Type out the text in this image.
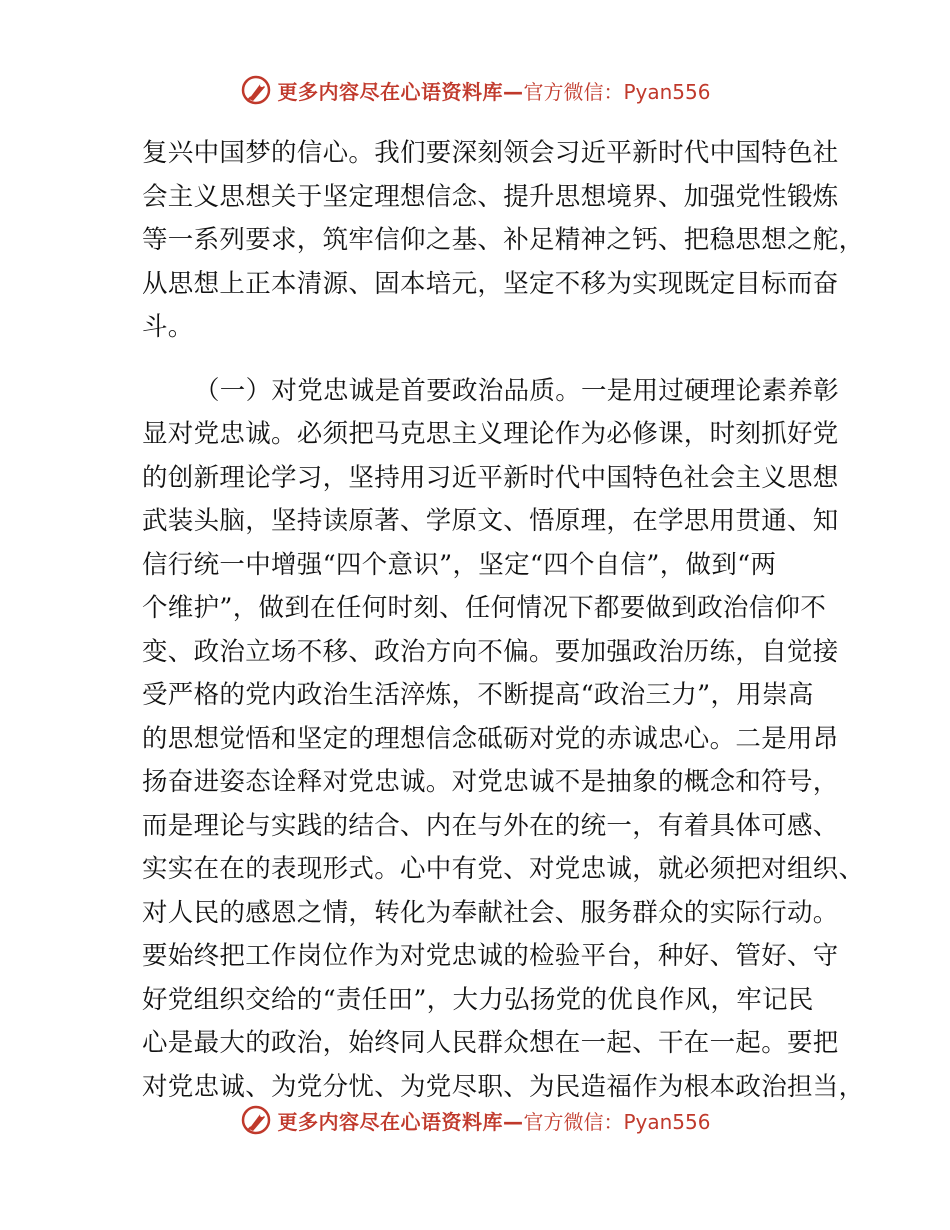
更多内容尽在心语资料库— 官方微信：Pyan556
复兴中国梦的信心。我们要深刻领会习近平新时代中国特色社
会主义思想关于坚定理想信念、提升思想境界、加强党性锻炼
等一系列要求，筑牢信仰之基、补足精神之钙、把稳思想之舵，
从思想上正本清源、固本培元，坚定不移为实现既定目标而奋
斗。
（一）对党忠诚是首要政治品质。一是用过硬理论素养彰
显对党忠诚。必须把马克思主义理论作为必修课，时刻抓好党
的创新理论学习，坚持用习近平新时代中国特色社会主义思想
武装头脑，坚持读原著、学原文、悟原理，在学思用贯通、知
信行统一中增强“四个意识”，坚定“四个自信”，做到“两
个维护”，做到在任何时刻、任何情况下都要做到政治信仰不
变、政治立场不移、政治方向不偏。要加强政治历练，自觉接
受严格的党内政治生活淬炼，不断提高“政治三力”，用崇高
的思想觉悟和坚定的理想信念砥砺对党的赤诚忠心。二是用昂
扬奋进姿态诠释对党忠诚。对党忠诚不是抽象的概念和符号，
而是理论与实践的结合、内在与外在的统一，有着具体可感、
实实在在的表现形式。心中有党、对党忠诚，就必须把对组织、
对人民的感恩之情，转化为奉献社会、服务群众的实际行动。
要始终把工作岗位作为对党忠诚的检验平台，种好、管好、守
好党组织交给的“责任田”，大力弘扬党的优良作风，牢记民
心是最大的政治，始终同人民群众想在一起、干在一起。要把
对党忠诚、为党分忧、为党尽职、为民造福作为根本政治担当，
更多内容尽在心语资料库— 官方微信：Pyan556
